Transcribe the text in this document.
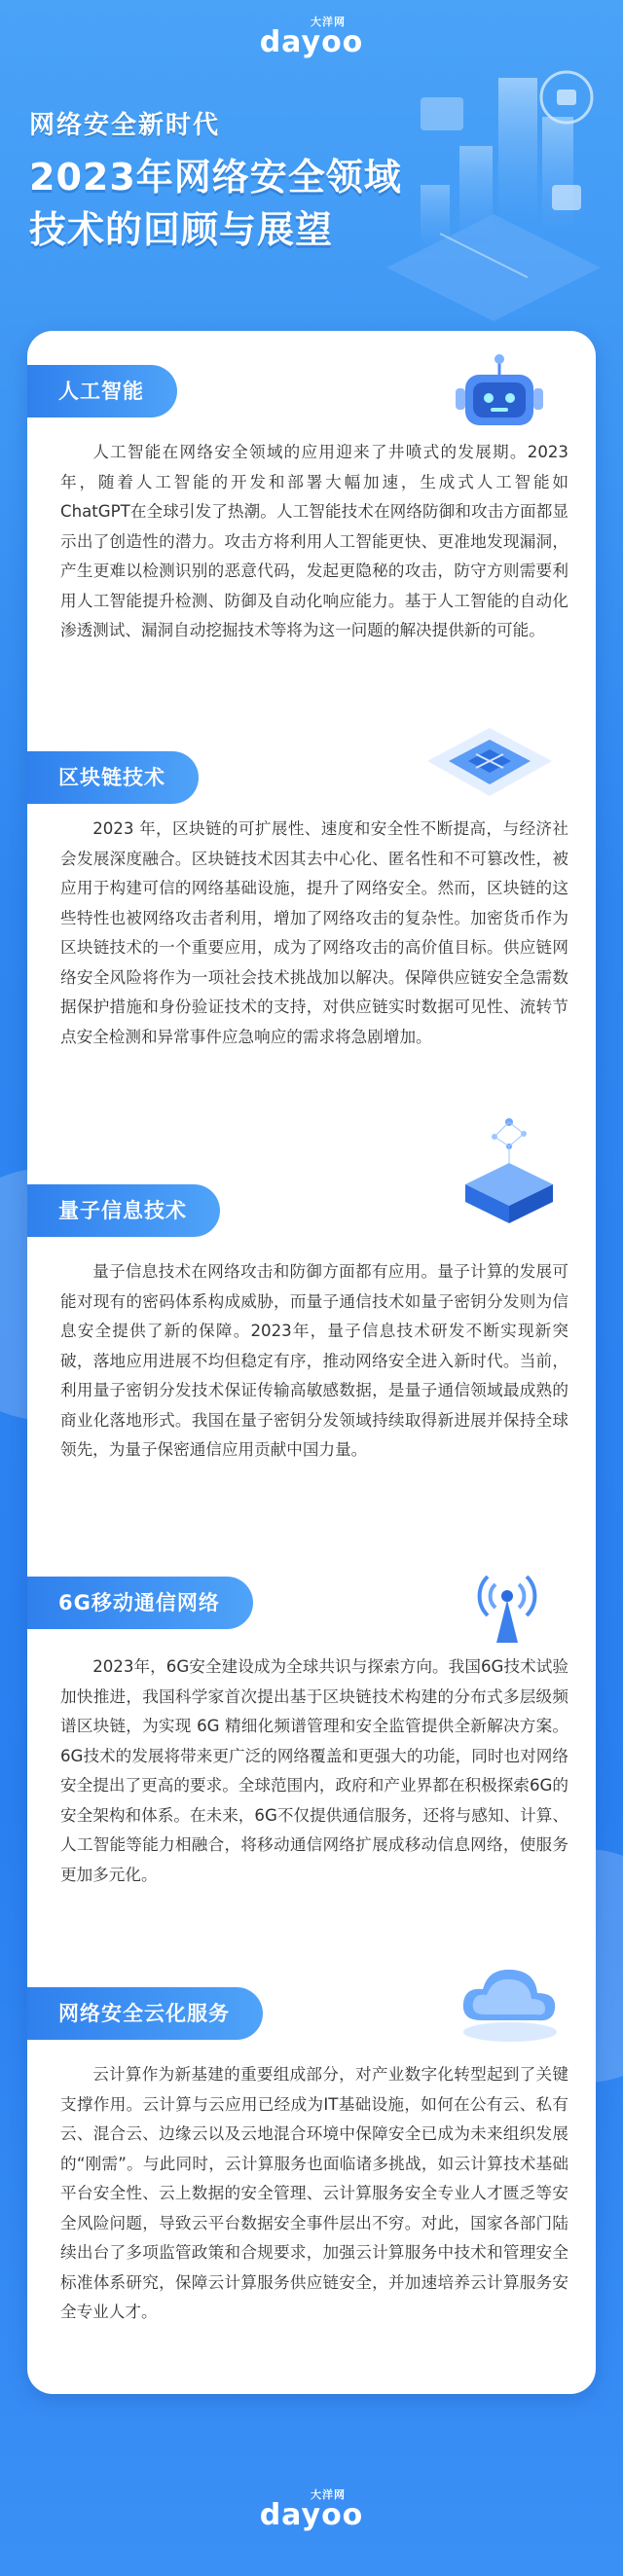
大洋网
dayoo
网络安全新时代
2023年网络安全领域
技术的回顾与展望
人工智能

人工智能在网络安全领域的应用迎来了井喷式的发展期。2023年，随着人工智能的开发和部署大幅加速，生成式人工智能如 ChatGPT在全球引发了热潮。人工智能技术在网络防御和攻击方面都显示出了创造性的潜力。攻击方将利用人工智能更快、更准地发现漏洞，产生更难以检测识别的恶意代码，发起更隐秘的攻击，防守方则需要利用人工智能提升检测、防御及自动化响应能力。基于人工智能的自动化渗透测试、漏洞自动挖掘技术等将为这一问题的解决提供新的可能。

区块链技术

2023 年，区块链的可扩展性、速度和安全性不断提高，与经济社会发展深度融合。区块链技术因其去中心化、匿名性和不可篡改性，被应用于构建可信的网络基础设施，提升了网络安全。然而，区块链的这些特性也被网络攻击者利用，增加了网络攻击的复杂性。加密货币作为区块链技术的一个重要应用，成为了网络攻击的高价值目标。供应链网络安全风险将作为一项社会技术挑战加以解决。保障供应链安全急需数据保护措施和身份验证技术的支持，对供应链实时数据可见性、流转节点安全检测和异常事件应急响应的需求将急剧增加。

量子信息技术

量子信息技术在网络攻击和防御方面都有应用。量子计算的发展可能对现有的密码体系构成威胁，而量子通信技术如量子密钥分发则为信息安全提供了新的保障。2023年，量子信息技术研发不断实现新突破，落地应用进展不均但稳定有序，推动网络安全进入新时代。当前，利用量子密钥分发技术保证传输高敏感数据，是量子通信领域最成熟的商业化落地形式。我国在量子密钥分发领域持续取得新进展并保持全球领先，为量子保密通信应用贡献中国力量。

6G移动通信网络

2023年，6G安全建设成为全球共识与探索方向。我国6G技术试验加快推进，我国科学家首次提出基于区块链技术构建的分布式多层级频谱区块链，为实现 6G 精细化频谱管理和安全监管提供全新解决方案。6G技术的发展将带来更广泛的网络覆盖和更强大的功能，同时也对网络安全提出了更高的要求。全球范围内，政府和产业界都在积极探索6G的安全架构和体系。在未来，6G不仅提供通信服务，还将与感知、计算、人工智能等能力相融合，将移动通信网络扩展成移动信息网络，使服务更加多元化。

网络安全云化服务

云计算作为新基建的重要组成部分，对产业数字化转型起到了关键支撑作用。云计算与云应用已经成为IT基础设施，如何在公有云、私有云、混合云、边缘云以及云地混合环境中保障安全已成为未来组织发展的“刚需”。与此同时，云计算服务也面临诸多挑战，如云计算技术基础平台安全性、云上数据的安全管理、云计算服务安全专业人才匮乏等安全风险问题，导致云平台数据安全事件层出不穷。对此，国家各部门陆续出台了多项监管政策和合规要求，加强云计算服务中技术和管理安全标准体系研究，保障云计算服务供应链安全，并加速培养云计算服务安全专业人才。

大洋网
dayoo
